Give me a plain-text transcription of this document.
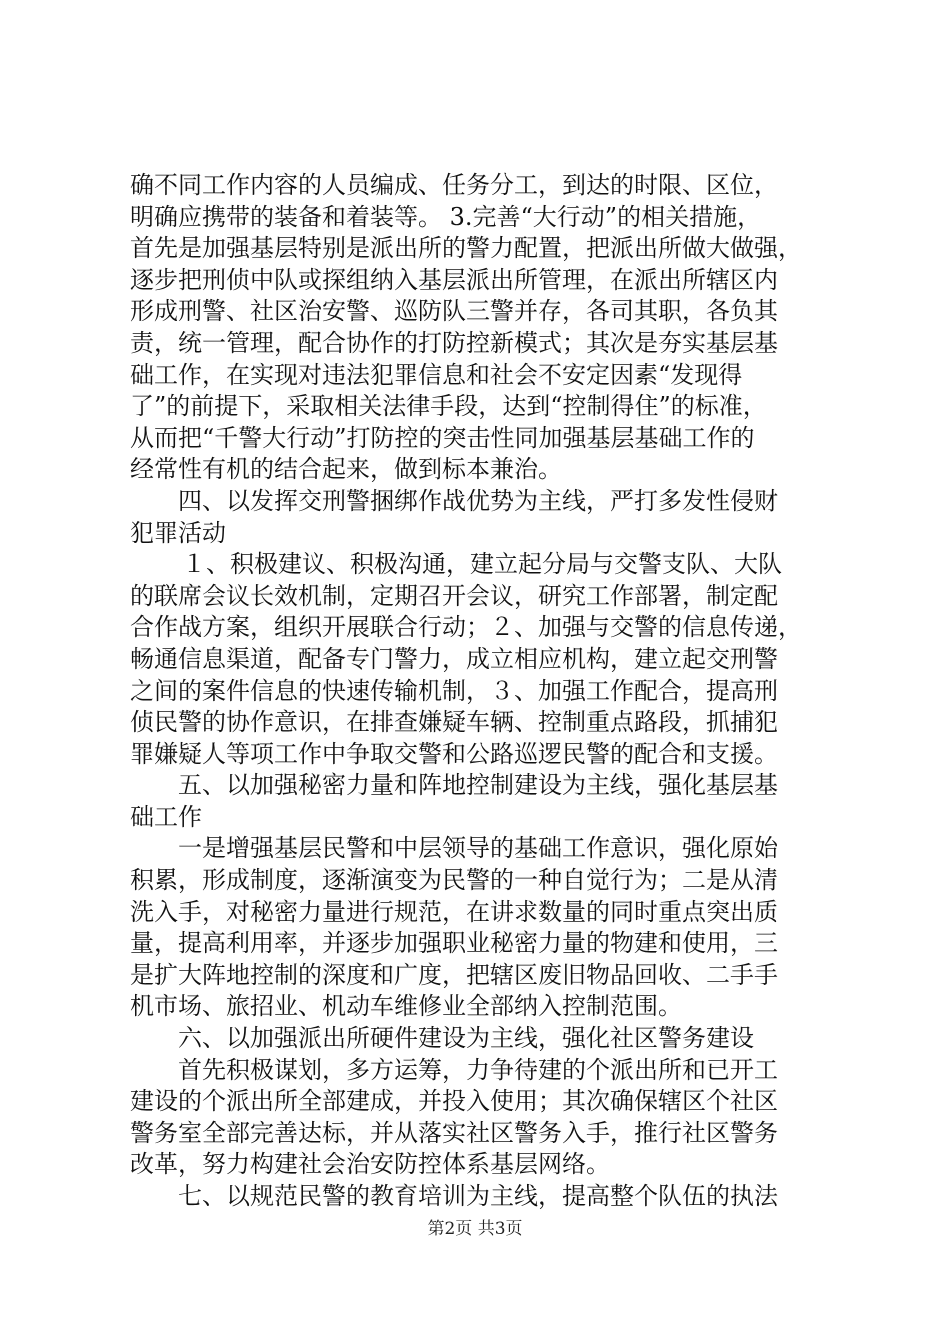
确不同工作内容的人员编成、任务分工，到达的时限、区位，
明确应携带的装备和着装等。 3.完善“大行动”的相关措施，
首先是加强基层特别是派出所的警力配置，把派出所做大做强，
逐步把刑侦中队或探组纳入基层派出所管理，在派出所辖区内
形成刑警、社区治安警、巡防队三警并存，各司其职，各负其
责，统一管理，配合协作的打防控新模式；其次是夯实基层基
础工作，在实现对违法犯罪信息和社会不安定因素“发现得
了”的前提下，采取相关法律手段，达到“控制得住”的标准，
从而把“千警大行动”打防控的突击性同加强基层基础工作的
经常性有机的结合起来，做到标本兼治。
四、以发挥交刑警捆绑作战优势为主线，严打多发性侵财
犯罪活动
１、积极建议、积极沟通，建立起分局与交警支队、大队
的联席会议长效机制，定期召开会议，研究工作部署，制定配
合作战方案，组织开展联合行动；２、加强与交警的信息传递，
畅通信息渠道，配备专门警力，成立相应机构，建立起交刑警
之间的案件信息的快速传输机制，３、加强工作配合，提高刑
侦民警的协作意识，在排查嫌疑车辆、控制重点路段，抓捕犯
罪嫌疑人等项工作中争取交警和公路巡逻民警的配合和支援。
五、以加强秘密力量和阵地控制建设为主线，强化基层基
础工作
一是增强基层民警和中层领导的基础工作意识，强化原始
积累，形成制度，逐渐演变为民警的一种自觉行为；二是从清
洗入手，对秘密力量进行规范，在讲求数量的同时重点突出质
量，提高利用率，并逐步加强职业秘密力量的物建和使用，三
是扩大阵地控制的深度和广度，把辖区废旧物品回收、二手手
机市场、旅招业、机动车维修业全部纳入控制范围。
六、以加强派出所硬件建设为主线，强化社区警务建设
首先积极谋划，多方运筹，力争待建的个派出所和已开工
建设的个派出所全部建成，并投入使用；其次确保辖区个社区
警务室全部完善达标，并从落实社区警务入手，推行社区警务
改革，努力构建社会治安防控体系基层网络。
七、以规范民警的教育培训为主线，提高整个队伍的执法
第2页 共3页
